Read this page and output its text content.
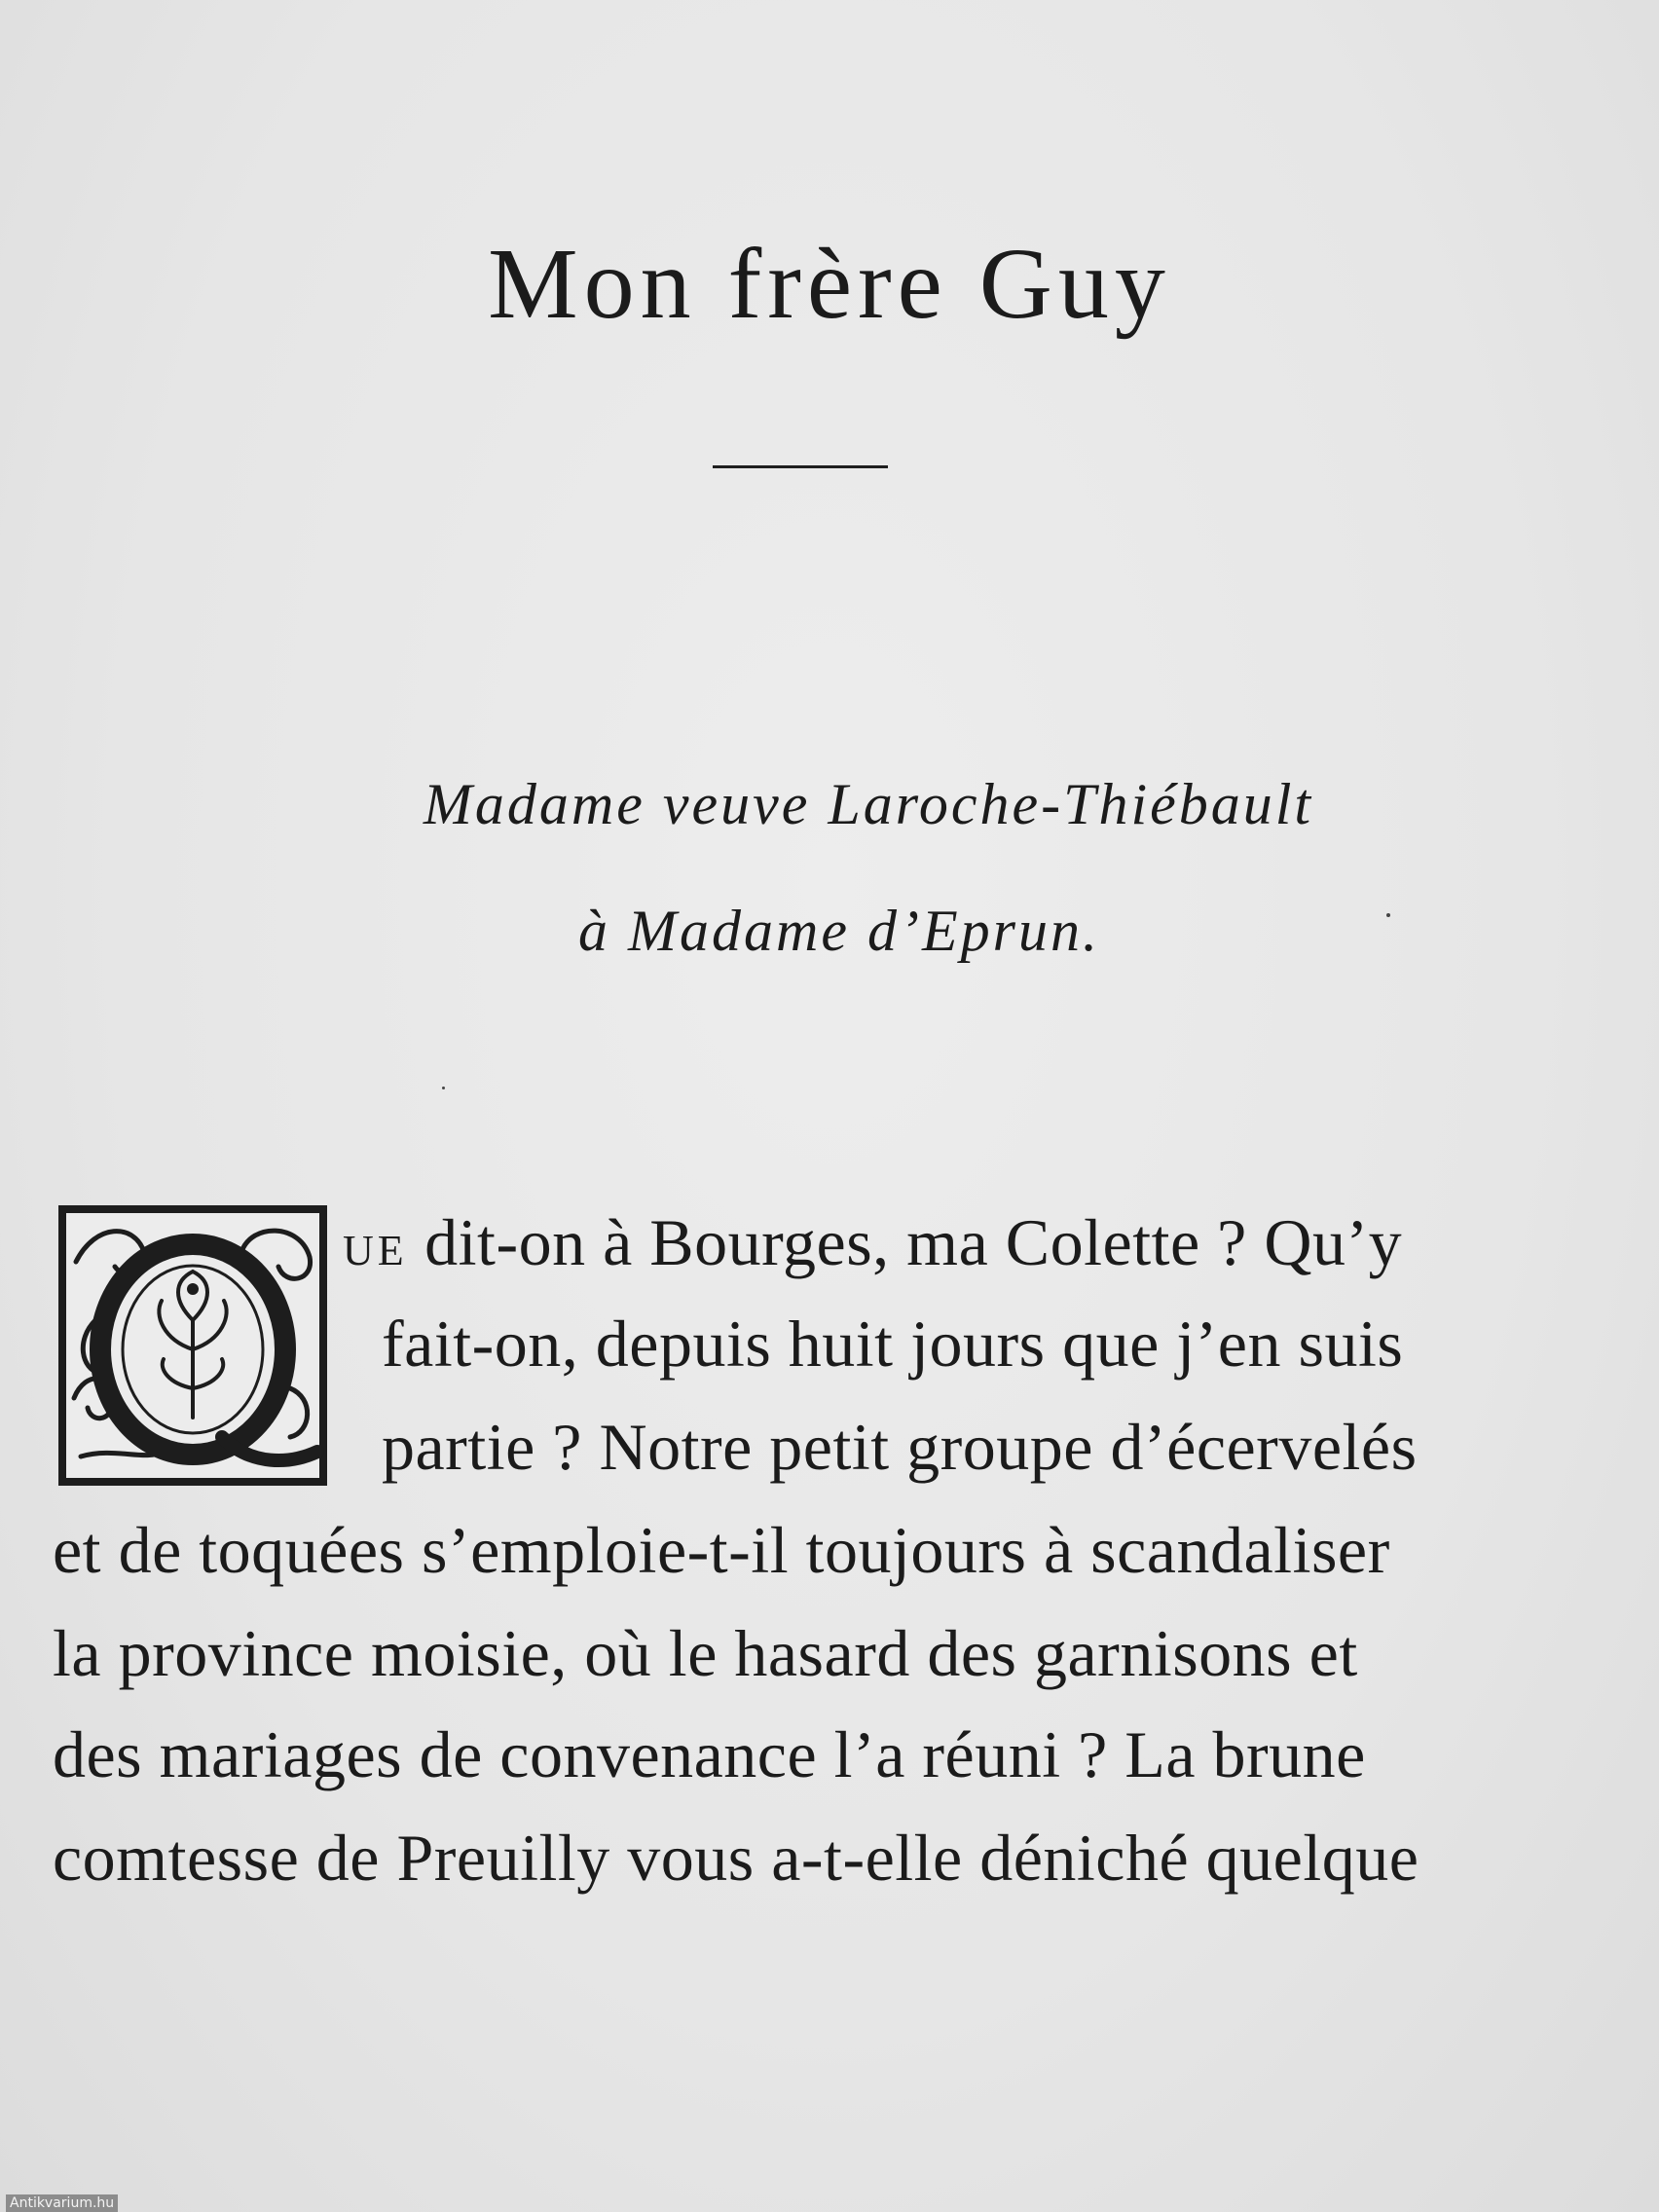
Mon frère Guy
Madame veuve Laroche-Thiébault
à Madame d’Eprun.
UE dit-on à Bourges, ma Colette ? Qu’y
fait-on, depuis huit jours que j’en suis
partie ? Notre petit groupe d’écervelés
et de toquées s’emploie-t-il toujours à scandaliser
la province moisie, où le hasard des garnisons et
des mariages de convenance l’a réuni ? La brune
comtesse de Preuilly vous a-t-elle déniché quelque
Antikvarium.hu
